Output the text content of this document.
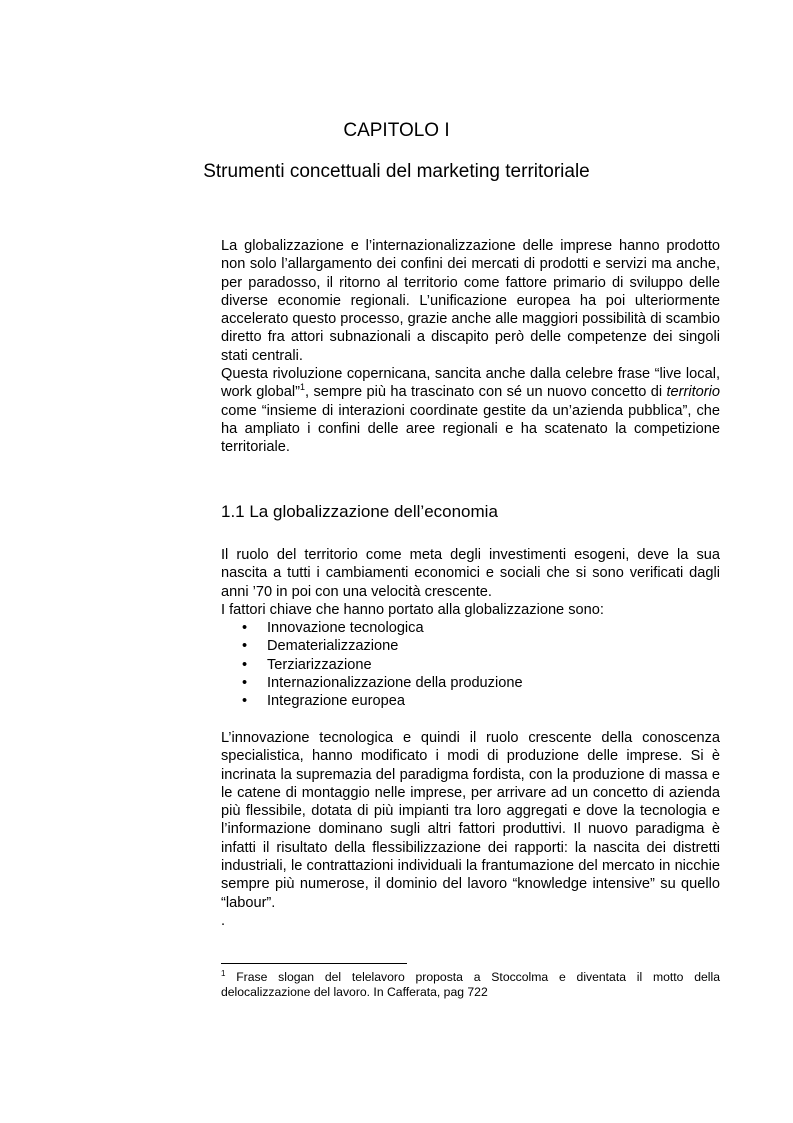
CAPITOLO I
Strumenti concettuali del marketing territoriale

La globalizzazione e l’internazionalizzazione delle imprese hanno prodotto non solo l’allargamento dei confini dei mercati di prodotti e servizi ma anche, per paradosso, il ritorno al territorio come fattore primario di sviluppo delle diverse economie regionali. L’unificazione europea ha poi ulteriormente accelerato questo processo, grazie anche alle maggiori possibilità di scambio diretto fra attori subnazionali a discapito però delle competenze dei singoli stati centrali.

Questa rivoluzione copernicana, sancita anche dalla celebre frase “live local, work global”$^1$, sempre più ha trascinato con sé un nuovo concetto di territorio come “insieme di interazioni coordinate gestite da un’azienda pubblica”, che ha ampliato i confini delle aree regionali e ha scatenato la competizione territoriale.

1.1 La globalizzazione dell’economia

Il ruolo del territorio come meta degli investimenti esogeni, deve la sua nascita a tutti i cambiamenti economici e sociali che si sono verificati dagli anni ’70 in poi con una velocità crescente.

I fattori chiave che hanno portato alla globalizzazione sono:

• Innovazione tecnologica
• Dematerializzazione
• Terziarizzazione
• Internazionalizzazione della produzione
• Integrazione europea

L’innovazione tecnologica e quindi il ruolo crescente della conoscenza specialistica, hanno modificato i modi di produzione delle imprese. Si è incrinata la supremazia del paradigma fordista, con la produzione di massa e le catene di montaggio nelle imprese, per arrivare ad un concetto di azienda più flessibile, dotata di più impianti tra loro aggregati e dove la tecnologia e l’informazione dominano sugli altri fattori produttivi. Il nuovo paradigma è infatti il risultato della flessibilizzazione dei rapporti: la nascita dei distretti industriali, le contrattazioni individuali la frantumazione del mercato in nicchie sempre più numerose, il dominio del lavoro “knowledge intensive” su quello “labour”.

.

$^1$ Frase slogan del telelavoro proposta a Stoccolma e diventata il motto della delocalizzazione del lavoro. In Cafferata, pag 722
